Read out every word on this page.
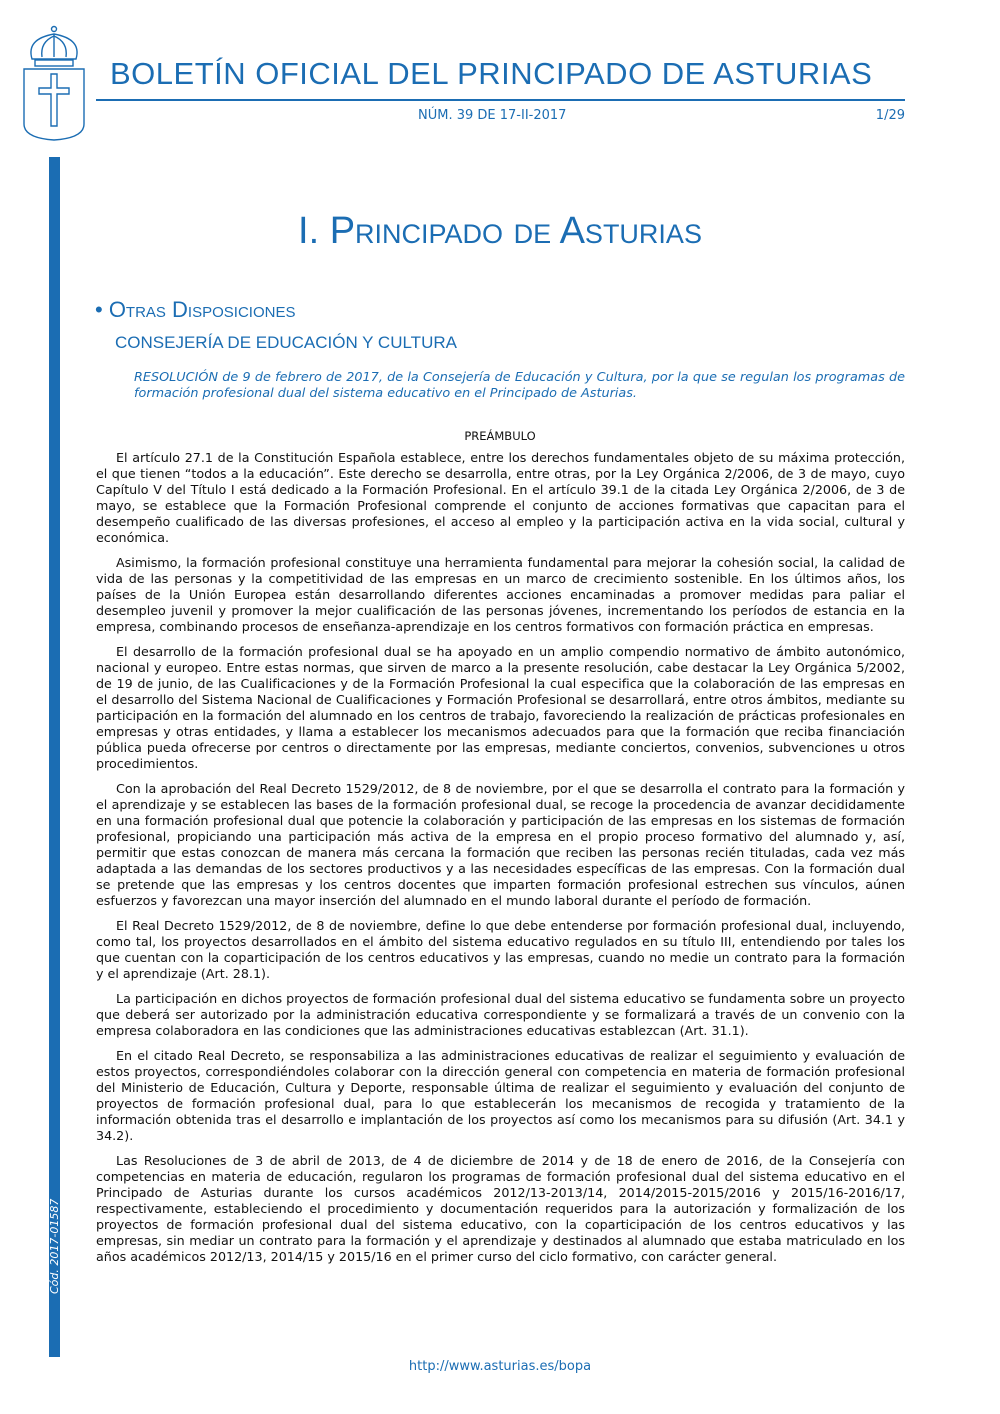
BOLETÍN OFICIAL DEL PRINCIPADO DE ASTURIAS
NÚM. 39 DE 17-II-2017	1/29
Cód. 2017-01587
I. Principado de Asturias
• Otras Disposiciones
CONSEJERÍA DE EDUCACIÓN Y CULTURA
RESOLUCIÓN de 9 de febrero de 2017, de la Consejería de Educación y Cultura, por la que se regulan los programas de formación profesional dual del sistema educativo en el Principado de Asturias.
PREÁMBULO

El artículo 27.1 de la Constitución Española establece, entre los derechos fundamentales objeto de su máxima protección, el que tienen “todos a la educación”. Este derecho se desarrolla, entre otras, por la Ley Orgánica 2/2006, de 3 de mayo, cuyo Capítulo V del Título I está dedicado a la Formación Profesional. En el artículo 39.1 de la citada Ley Orgánica 2/2006, de 3 de mayo, se establece que la Formación Profesional comprende el conjunto de acciones formativas que capacitan para el desempeño cualificado de las diversas profesiones, el acceso al empleo y la participación activa en la vida social, cultural y económica.

Asimismo, la formación profesional constituye una herramienta fundamental para mejorar la cohesión social, la calidad de vida de las personas y la competitividad de las empresas en un marco de crecimiento sostenible. En los últimos años, los países de la Unión Europea están desarrollando diferentes acciones encaminadas a promover medidas para paliar el desempleo juvenil y promover la mejor cualificación de las personas jóvenes, incrementando los períodos de estancia en la empresa, combinando procesos de enseñanza-aprendizaje en los centros formativos con formación práctica en empresas.

El desarrollo de la formación profesional dual se ha apoyado en un amplio compendio normativo de ámbito autonómico, nacional y europeo. Entre estas normas, que sirven de marco a la presente resolución, cabe destacar la Ley Orgánica 5/2002, de 19 de junio, de las Cualificaciones y de la Formación Profesional la cual especifica que la colaboración de las empresas en el desarrollo del Sistema Nacional de Cualificaciones y Formación Profesional se desarrollará, entre otros ámbitos, mediante su participación en la formación del alumnado en los centros de trabajo, favoreciendo la realización de prácticas profesionales en empresas y otras entidades, y llama a establecer los mecanismos adecuados para que la formación que reciba financiación pública pueda ofrecerse por centros o directamente por las empresas, mediante conciertos, convenios, subvenciones u otros procedimientos.

Con la aprobación del Real Decreto 1529/2012, de 8 de noviembre, por el que se desarrolla el contrato para la formación y el aprendizaje y se establecen las bases de la formación profesional dual, se recoge la procedencia de avanzar decididamente en una formación profesional dual que potencie la colaboración y participación de las empresas en los sistemas de formación profesional, propiciando una participación más activa de la empresa en el propio proceso formativo del alumnado y, así, permitir que estas conozcan de manera más cercana la formación que reciben las personas recién tituladas, cada vez más adaptada a las demandas de los sectores productivos y a las necesidades específicas de las empresas. Con la formación dual se pretende que las empresas y los centros docentes que imparten formación profesional estrechen sus vínculos, aúnen esfuerzos y favorezcan una mayor inserción del alumnado en el mundo laboral durante el período de formación.

El Real Decreto 1529/2012, de 8 de noviembre, define lo que debe entenderse por formación profesional dual, incluyendo, como tal, los proyectos desarrollados en el ámbito del sistema educativo regulados en su título III, entendiendo por tales los que cuentan con la coparticipación de los centros educativos y las empresas, cuando no medie un contrato para la formación y el aprendizaje (Art. 28.1).

La participación en dichos proyectos de formación profesional dual del sistema educativo se fundamenta sobre un proyecto que deberá ser autorizado por la administración educativa correspondiente y se formalizará a través de un convenio con la empresa colaboradora en las condiciones que las administraciones educativas establezcan (Art. 31.1).

En el citado Real Decreto, se responsabiliza a las administraciones educativas de realizar el seguimiento y evaluación de estos proyectos, correspondiéndoles colaborar con la dirección general con competencia en materia de formación profesional del Ministerio de Educación, Cultura y Deporte, responsable última de realizar el seguimiento y evaluación del conjunto de proyectos de formación profesional dual, para lo que establecerán los mecanismos de recogida y tratamiento de la información obtenida tras el desarrollo e implantación de los proyectos así como los mecanismos para su difusión (Art. 34.1 y 34.2).

Las Resoluciones de 3 de abril de 2013, de 4 de diciembre de 2014 y de 18 de enero de 2016, de la Consejería con competencias en materia de educación, regularon los programas de formación profesional dual del sistema educativo en el Principado de Asturias durante los cursos académicos 2012/13-2013/14, 2014/2015-2015/2016 y 2015/16-2016/17, respectivamente, estableciendo el procedimiento y documentación requeridos para la autorización y formalización de los proyectos de formación profesional dual del sistema educativo, con la coparticipación de los centros educativos y las empresas, sin mediar un contrato para la formación y el aprendizaje y destinados al alumnado que estaba matriculado en los años académicos 2012/13, 2014/15 y 2015/16 en el primer curso del ciclo formativo, con carácter general.

http://www.asturias.es/bopa
